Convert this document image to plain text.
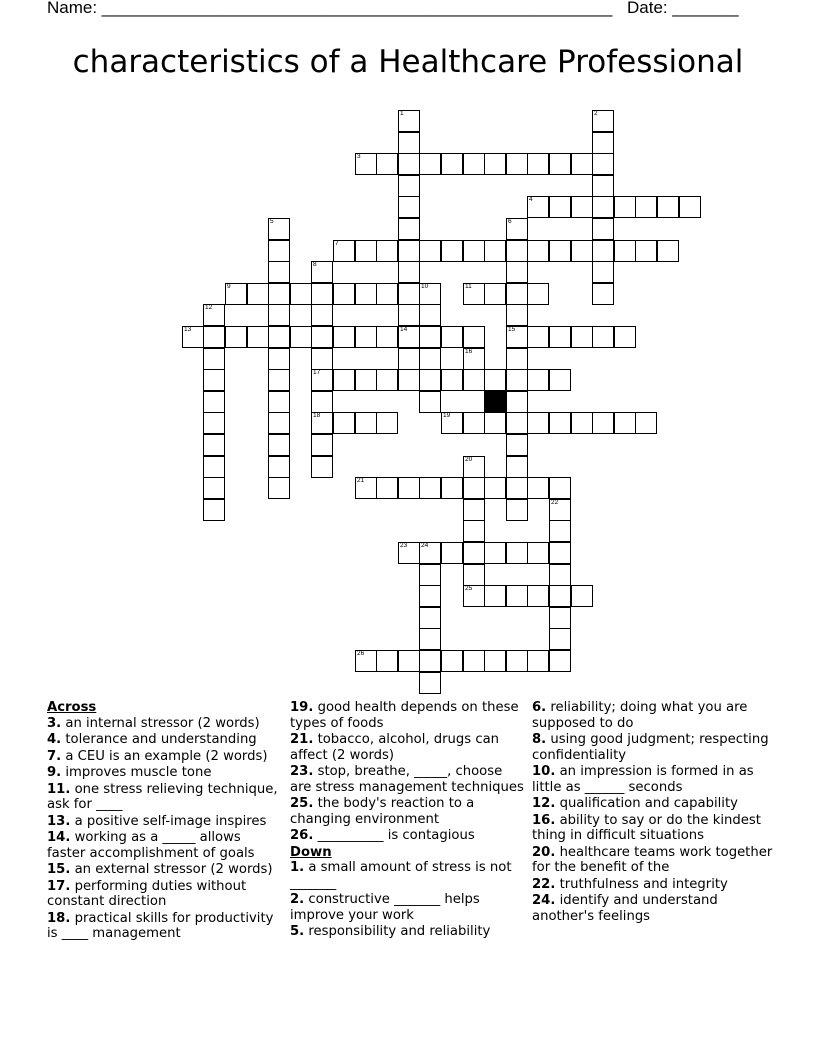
Name: ______________________________________________________ Date: _______
characteristics of a Healthcare Professional
1
14
2
3
4
5	6
15
7
8
17
18
9	10	11
12
13
16
19
20
21
22
23 24
25
26
Across
3. an internal stressor (2 words)
4. tolerance and understanding
7. a CEU is an example (2 words)
9. improves muscle tone
11. one stress relieving technique, ask for ____
13. a positive self-image inspires
14. working as a _____ allows faster accomplishment of goals
15. an external stressor (2 words)
17. performing duties without constant direction
18. practical skills for productivity is ____ management
19. good health depends on these types of foods
21. tobacco, alcohol, drugs can affect (2 words)
23. stop, breathe, _____, choose are stress management techniques
25. the body's reaction to a changing environment
26. __________ is contagious
Down
1. a small amount of stress is not _______
2. constructive _______ helps improve your work
5. responsibility and reliability
6. reliability; doing what you are supposed to do
8. using good judgment; respecting confidentiality
10. an impression is formed in as little as ______ seconds
12. qualification and capability
16. ability to say or do the kindest thing in difficult situations
20. healthcare teams work together for the benefit of the
22. truthfulness and integrity
24. identify and understand another's feelings
